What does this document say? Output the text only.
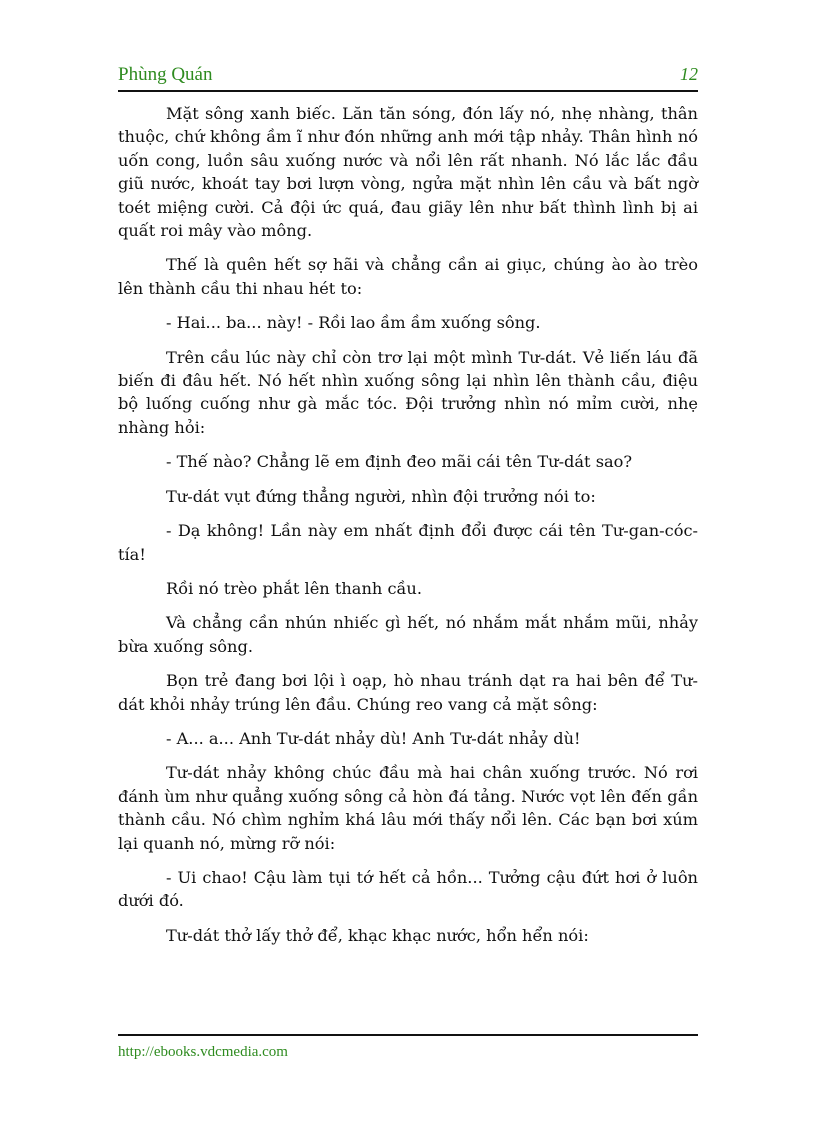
Phùng Quán	12

Mặt sông xanh biếc. Lăn tăn sóng, đón lấy nó, nhẹ nhàng, thân thuộc, chứ không ầm ĩ như đón những anh mới tập nhảy. Thân hình nó uốn cong, luồn sâu xuống nước và nổi lên rất nhanh. Nó lắc lắc đầu giũ nước, khoát tay bơi lượn vòng, ngửa mặt nhìn lên cầu và bất ngờ toét miệng cười. Cả đội ức quá, đau giãy lên như bất thình lình bị ai quất roi mây vào mông.

Thế là quên hết sợ hãi và chẳng cần ai giục, chúng ào ào trèo lên thành cầu thi nhau hét to:

- Hai... ba... này! - Rồi lao ầm ầm xuống sông.

Trên cầu lúc này chỉ còn trơ lại một mình Tư-dát. Vẻ liến láu đã biến đi đâu hết. Nó hết nhìn xuống sông lại nhìn lên thành cầu, điệu bộ luống cuống như gà mắc tóc. Đội trưởng nhìn nó mỉm cười, nhẹ nhàng hỏi:

- Thế nào? Chẳng lẽ em định đeo mãi cái tên Tư-dát sao?

Tư-dát vụt đứng thẳng người, nhìn đội trưởng nói to:

- Dạ không! Lần này em nhất định đổi được cái tên Tư-gan-cóc-tía!

Rồi nó trèo phắt lên thanh cầu.

Và chẳng cần nhún nhiếc gì hết, nó nhắm mắt nhắm mũi, nhảy bừa xuống sông.

Bọn trẻ đang bơi lội ì oạp, hò nhau tránh dạt ra hai bên để Tư-dát khỏi nhảy trúng lên đầu. Chúng reo vang cả mặt sông:

- A... a... Anh Tư-dát nhảy dù! Anh Tư-dát nhảy dù!

Tư-dát nhảy không chúc đầu mà hai chân xuống trước. Nó rơi đánh ùm như quẳng xuống sông cả hòn đá tảng. Nước vọt lên đến gần thành cầu. Nó chìm nghỉm khá lâu mới thấy nổi lên. Các bạn bơi xúm lại quanh nó, mừng rỡ nói:

- Ui chao! Cậu làm tụi tớ hết cả hồn... Tưởng cậu đứt hơi ở luôn dưới đó.

Tư-dát thở lấy thở để, khạc khạc nước, hổn hển nói:

http://ebooks.vdcmedia.com
